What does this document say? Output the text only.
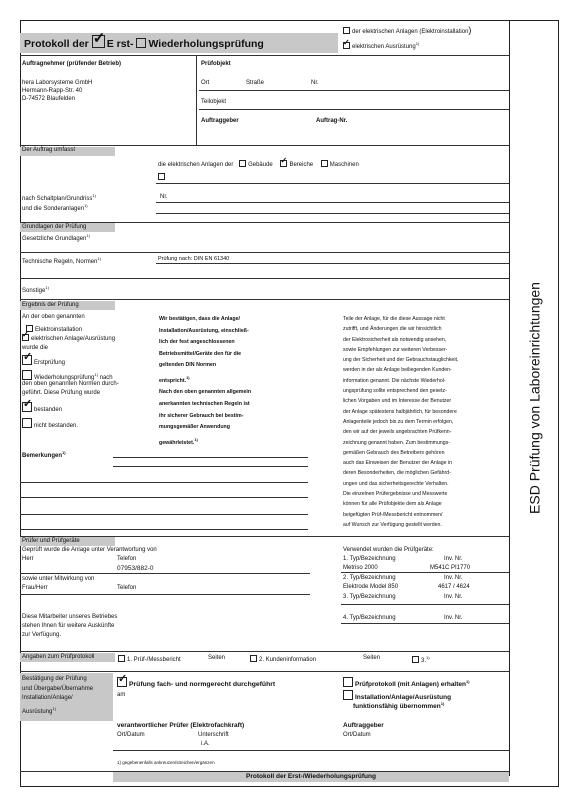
ESD Prüfung von Laboreinrichtungen
Protokoll der ✓ E rst- Wiederholungsprüfung
der elektrischen Anlagen (Elektroinstallation)
✓elektrischen Ausrüstung$^{1)}$
Auftragnehmer (prüfender Betrieb)
hera Laborsysteme GmbH
Hermann-Rapp-Str. 40
D-74572 Blaufelden
Prüfobjekt
Ort	Straße	Nr.
Teilobjekt
Auftraggeber	Auftrag-Nr.
Der Auftrag umfasst
die elektrischen Anlagen der Gebäude ✓	Bereiche	Maschinen
nach Schaltplan/Grundriss$^{1)}$
und die Sonderanlagen$^{1)}$
Nr.
Grundlagen der Prüfung
Gesetzliche Grundlagen$^{1)}$
Technische Regeln, Normen$^{1)}$	Prüfung nach: DIN EN 61340
Sonstige$^{1)}$
Ergebnis der Prüfung
An der oben genannten
Elektroinstallation
✓elektrischen Anlage/Ausrüstung
wurde die
✓Erstprüfung
Wiederholungsprüfung$^{1)}$ nach
den oben genannten Normen durch-
geführt. Diese Prüfung wurde
✓bestanden
nicht bestanden.
Bemerkungen$^{1)}$
Wir bestätigen, dass die Anlage/
Installation/Ausrüstung, einschließ-
lich der fest angeschlossenen
Betriebsmittel/Geräte den für die
geltenden DIN Normen
entspricht.$^{1)}$
Nach den oben genannten allgemein
anerkannten technischen Regeln ist
ihr sicherer Gebrauch bei bestim-
mungsgemäßer Anwendung
gewährleistet.$^{1)}$
Teile der Anlage, für die diese Aussage nicht
zutrifft, und Änderungen die wir hinsichtlich
der Elektrosicherheit als notwendig ansehen,
sowie Empfehlungen zur weiteren Verbesser-
ung der Sicherheit und der Gebrauchstauglichkeit,
werden in der als Anlage beiliegenden Kunden-
information genannt. Die nächste Wiederhol-
ungsprüfung sollte entsprechend den gesetz-
lichen Vorgaben und im Interesse der Benutzer
der Anlage spätestens halbjährlich, für besondere
Anlagenteile jedoch bis zu dem Termin erfolgen,
den wir auf der jeweils angebrachten Prüfkenn-
zeichnung genannt haben. Zum bestimmungs-
gemäßen Gebrauch des Betreibers gehören
auch das Einweisen der Benutzer der Anlage in
deren Besonderheiten, die möglichen Gefährd-
ungen und das sicherheitsgerechte Verhalten.
Die einzelnen Prüfergebnisse und Messwerte
können für alle Prüfobjekte dem als Anlage
beigefügten Prüf-/Messbericht entnommen/
auf Wunsch zur Verfügung gestellt werden.
Prüfer und Prüfgeräte
Geprüft wurde die Anlage unter Verantwortung von
Herr	Telefon
07953/882-0
sowie unter Mitwirkung von
Frau/Herr	Telefon
Diese Mitarbeiter unseres Betriebes
stehen Ihnen für weitere Auskünfte
zur Verfügung.
Verwendet wurden die Prüfgeräte:
1. Typ/Bezeichnung	Inv. Nr.
Metriso 2000	M541C PI1770
2. Typ/Bezeichnung	Inv. Nr.
Elektrode Model 850	4617 / 4624
3. Typ/Bezeichnung	Inv. Nr.
4. Typ/Bezeichnung	Inv. Nr.
Angaben zum Prüfprotokoll	1. Prüf-/Messbericht	Seiten	2. Kundeninformation	Seiten	3.$^{1)}$
Bestätigung der Prüfung
und Übergabe/Übernahme
Installation/Anlage/
Ausrüstung$^{1)}$
✓Prüfung fach- und normgerecht durchgeführt
am
Prüfprotokoll (mit Anlagen) erhalten$^{1)}$
Installation/Anlage/Ausrüstung
funktionsfähig übernommen$^{1)}$
verantwortlicher Prüfer (Elektrofachkraft)
Ort/Datum	Unterschrift
i.A.
Auftraggeber
Ort/Datum
1) gegebenenfalls ankreuzen/streichen/ergänzen
Protokoll der Erst-/Wiederholungsprüfung
